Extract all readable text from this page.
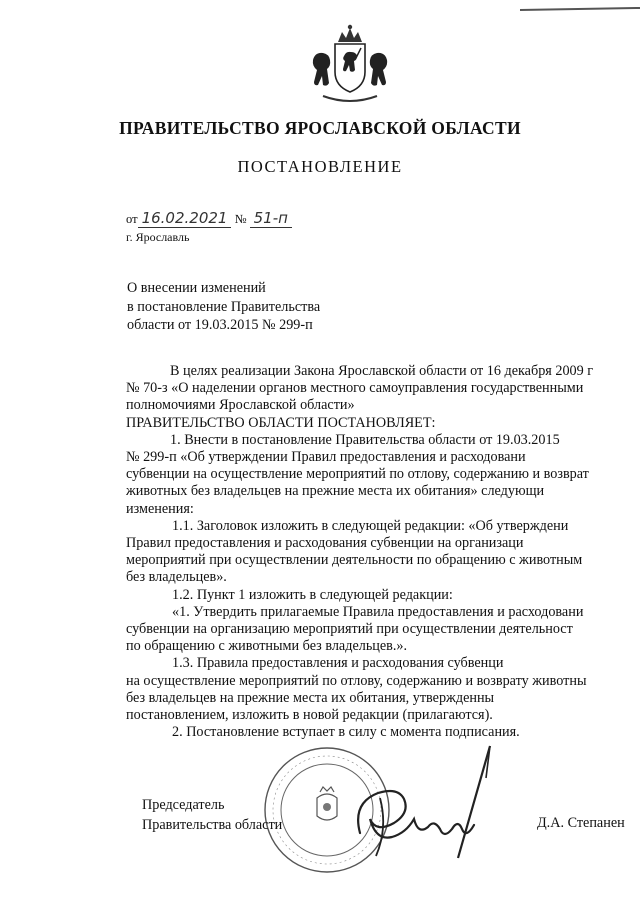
ПРАВИТЕЛЬСТВО ЯРОСЛАВСКОЙ ОБЛАСТИ
ПОСТАНОВЛЕНИЕ
от 16.02.2021 № 51-п
г. Ярославль
О внесении изменений
в постановление Правительства
области от 19.03.2015 № 299-п
В целях реализации Закона Ярославской области от 16 декабря 2009 г
№ 70-з «О наделении органов местного самоуправления государственными
полномочиями Ярославской области»
ПРАВИТЕЛЬСТВО ОБЛАСТИ ПОСТАНОВЛЯЕТ:
1. Внести в постановление Правительства области от 19.03.2015
№ 299-п «Об утверждении Правил предоставления и расходовани
субвенции на осуществление мероприятий по отлову, содержанию и возврат
животных без владельцев на прежние места их обитания» следующи
изменения:
1.1. Заголовок изложить в следующей редакции: «Об утверждени
Правил предоставления и расходования субвенции на организаци
мероприятий при осуществлении деятельности по обращению с животным
без владельцев».
1.2. Пункт 1 изложить в следующей редакции:
«1. Утвердить прилагаемые Правила предоставления и расходовани
субвенции на организацию мероприятий при осуществлении деятельност
по обращению с животными без владельцев.».
1.3. Правила предоставления и расходования субвенци
на осуществление мероприятий по отлову, содержанию и возврату животны
без владельцев на прежние места их обитания, утвержденны
постановлением, изложить в новой редакции (прилагаются).
2. Постановление вступает в силу с момента подписания.
Председатель
Правительства области	Д.А. Степанен
